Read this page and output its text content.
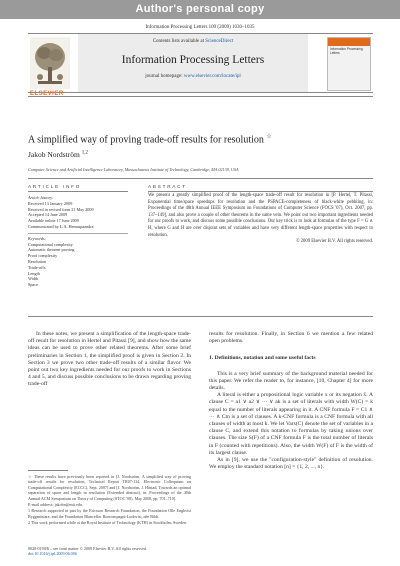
Author's personal copy
Information Processing Letters 109 (2009) 1030–1035
ELSEVIER
Contents lists available at ScienceDirect
Information Processing Letters
journal homepage: www.elsevier.com/locate/ipl
Information Processing Letters
A simplified way of proving trade-off results for resolution ☆
Jakob Nordström $^{1,2}$
Computer Science and Artificial Intelligence Laboratory, Massachusetts Institute of Technology, Cambridge, MA 02139, USA
ARTICLE INFO	ABSTRACT
Article history:
Received 13 January 2009
Received in revised form 21 May 2009
Accepted 14 June 2009
Available online 17 June 2009
Communicated by L.A. Hemaspaandra
Keywords:
Computational complexity
Automatic theorem proving
Proof complexity
Resolution
Trade-offs
Length
Width
Space
We present a greatly simplified proof of the length-space trade-off result for resolution in [P. Hertel, T. Pitassi, Exponential time/space speedups for resolution and the PSPACE-completeness of black-white pebbling, in: Proceedings of the 48th Annual IEEE Symposium on Foundations of Computer Science (FOCS '07), Oct. 2007, pp. 137–149], and also prove a couple of other theorems in the same vein. We point out two important ingredients needed for our proofs to work, and discuss some possible conclusions. Our key trick is to look at formulas of the type F = G ∧ H, where G and H are over disjoint sets of variables and have very different length-space properties with respect to resolution.
© 2009 Elsevier B.V. All rights reserved.

In these notes, we present a simplification of the length-space trade-off result for resolution in Hertel and Pitassi [9], and show how the same ideas can be used to prove other related theorems. After some brief preliminaries in Section 1, the simplified proof is given in Section 2. In Section 3 we prove two other trade-off results of a similar flavor. We point out two key ingredients needed for our proofs to work in Sections 4 and 5, and discuss possible conclusions to be drawn regarding proving trade-off

results for resolution. Finally, in Section 6 we mention a few related open problems.

1. Definitions, notation and some useful facts

This is a very brief summary of the background material needed for this paper. We refer the reader to, for instance, [10, Chapter 4] for more details.

A literal is either a propositional logic variable x or its negation x̄. A clause C = a1 ∨ a2 ∨ ··· ∨ ak is a set of literals with width W(C) = k equal to the number of literals appearing in it. A CNF formula F = C1 ∧ ··· ∧ Cm is a set of clauses. A k-CNF formula is a CNF formula with all clauses of width at most k. We let Vars(C) denote the set of variables in a clause C, and extend this notation to formulas by taking unions over clauses. The size S(F) of a CNF formula F is the total number of literals in F (counted with repetitions). Also, the width W(F) of F is the width of its largest clause.

As in [9], we use the "configuration-style" definition of resolution. We employ the standard notation [n] = {1, 2, ..., n}.

☆ These results have previously been reported in [J. Nordström, A simplified way of proving trade-off results for resolution, Technical Report TR07-114, Electronic Colloquium on Computational Complexity (ECCC), Sept. 2007] and [J. Nordström, J. Håstad, Towards an optimal separation of space and length in resolution (Extended abstract), in: Proceedings of the 40th Annual ACM Symposium on Theory of Computing (STOC '08), May 2008, pp. 701–710].

E-mail address: jakobn@mit.edu.

1 Research supported in part by the Ericsson Research Foundation, the Foundation Olle Engkvist Byggmästare, and the Foundation Blanceflor Boncompagni-Ludovisi, née Bildt.

2 This work performed while at the Royal Institute of Technology (KTH) in Stockholm, Sweden.

0020-0190/$ – see front matter © 2009 Elsevier B.V. All rights reserved.
doi:10.1016/j.ipl.2009.06.006
